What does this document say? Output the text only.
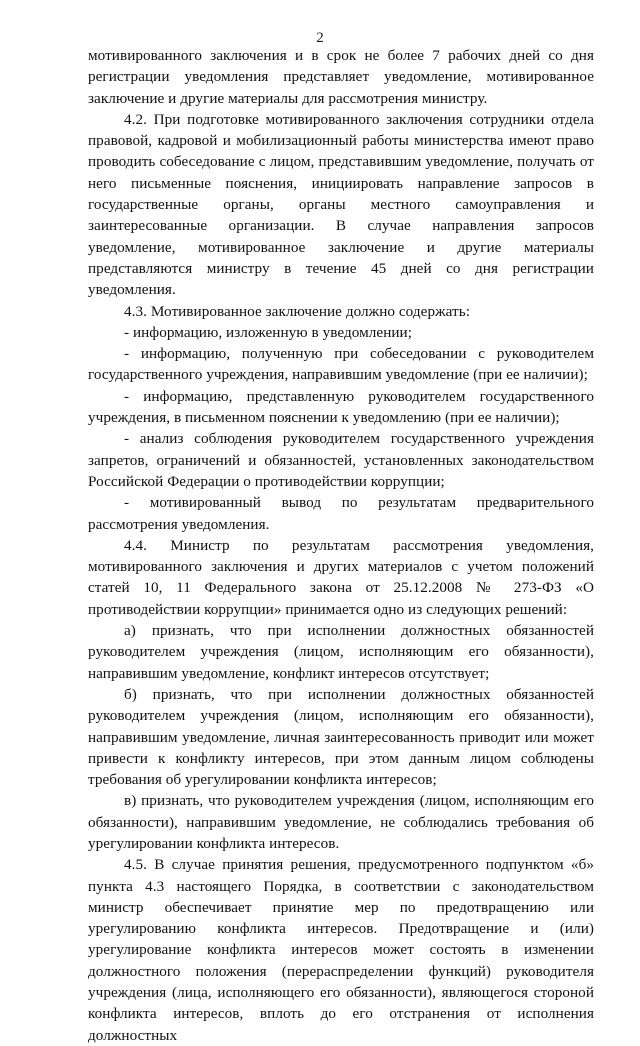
2

мотивированного заключения и в срок не более 7 рабочих дней со дня регистрации уведомления представляет уведомление, мотивированное заключение и другие материалы для рассмотрения министру.

4.2. При подготовке мотивированного заключения сотрудники отдела правовой, кадровой и мобилизационный работы министерства имеют право проводить собеседование с лицом, представившим уведомление, получать от него письменные пояснения, инициировать направление запросов в государственные органы, органы местного самоуправления и заинтересованные организации. В случае направления запросов уведомление, мотивированное заключение и другие материалы представляются министру в течение 45 дней со дня регистрации уведомления.

4.3. Мотивированное заключение должно содержать:

- информацию, изложенную в уведомлении;

- информацию, полученную при собеседовании с руководителем государственного учреждения, направившим уведомление (при ее наличии);

- информацию, представленную руководителем государственного учреждения, в письменном пояснении к уведомлению (при ее наличии);

- анализ соблюдения руководителем государственного учреждения запретов, ограничений и обязанностей, установленных законодательством Российской Федерации о противодействии коррупции;

- мотивированный вывод по результатам предварительного рассмотрения уведомления.

4.4. Министр по результатам рассмотрения уведомления, мотивированного заключения и других материалов с учетом положений статей 10, 11 Федерального закона от 25.12.2008 № 273-ФЗ «О противодействии коррупции» принимается одно из следующих решений:

а) признать, что при исполнении должностных обязанностей руководителем учреждения (лицом, исполняющим его обязанности), направившим уведомление, конфликт интересов отсутствует;

б) признать, что при исполнении должностных обязанностей руководителем учреждения (лицом, исполняющим его обязанности), направившим уведомление, личная заинтересованность приводит или может привести к конфликту интересов, при этом данным лицом соблюдены требования об урегулировании конфликта интересов;

в) признать, что руководителем учреждения (лицом, исполняющим его обязанности), направившим уведомление, не соблюдались требования об урегулировании конфликта интересов.

4.5. В случае принятия решения, предусмотренного подпунктом «б» пункта 4.3 настоящего Порядка, в соответствии с законодательством министр обеспечивает принятие мер по предотвращению или урегулированию конфликта интересов. Предотвращение и (или) урегулирование конфликта интересов может состоять в изменении должностного положения (перераспределении функций) руководителя учреждения (лица, исполняющего его обязанности), являющегося стороной конфликта интересов, вплоть до его отстранения от исполнения должностных
